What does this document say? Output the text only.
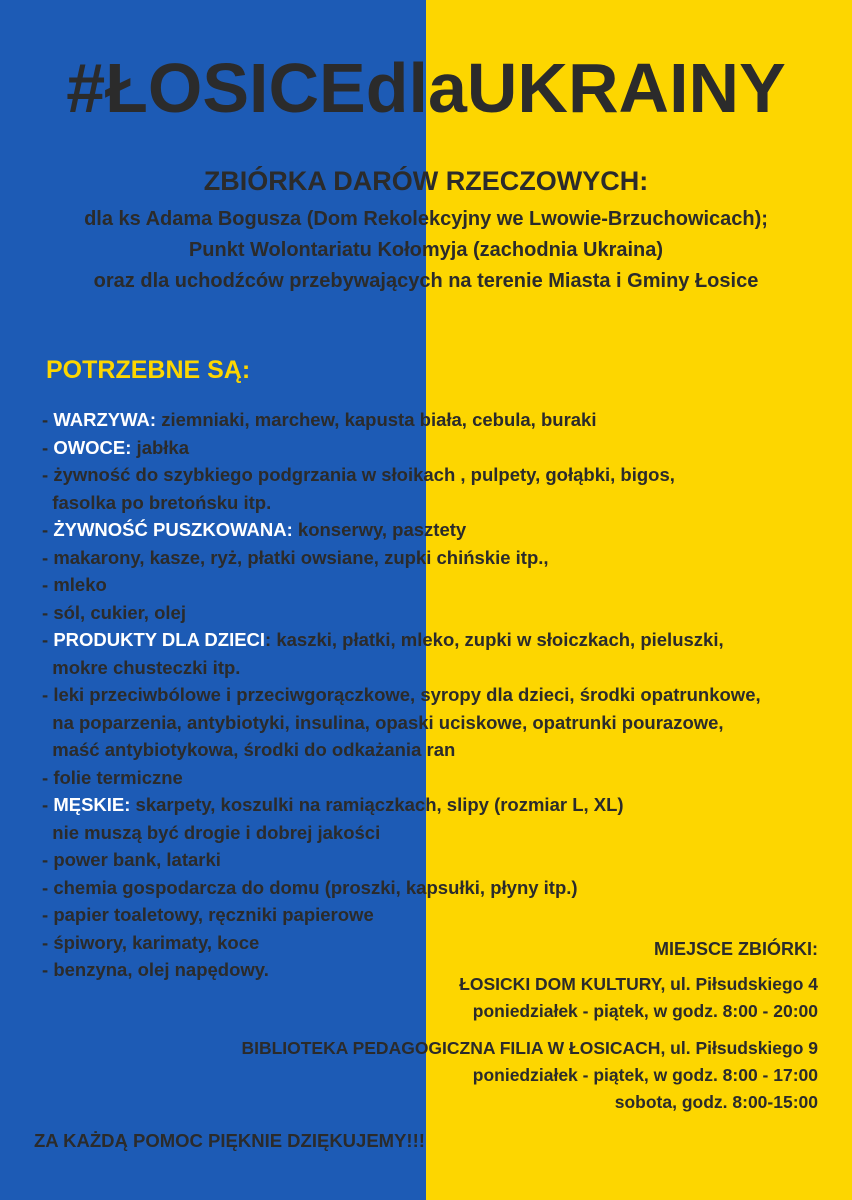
#ŁOSICEdlaUKRAINY
ZBIÓRKA DARÓW RZECZOWYCH:
dla ks Adama Bogusza (Dom Rekolekcyjny we Lwowie-Brzuchowicach);
Punkt Wolontariatu Kołomyja (zachodnia Ukraina)
oraz dla uchodźców przebywających na terenie Miasta i Gminy Łosice
POTRZEBNE SĄ:
- WARZYWA: ziemniaki, marchew, kapusta biała, cebula, buraki
- OWOCE: jabłka
- żywność do szybkiego podgrzania w słoikach , pulpety, gołąbki, bigos,
fasolka po bretońsku itp.
- ŻYWNOŚĆ PUSZKOWANA: konserwy, pasztety
- makarony, kasze, ryż, płatki owsiane, zupki chińskie itp.,
- mleko
- sól, cukier, olej
- PRODUKTY DLA DZIECI: kaszki, płatki, mleko, zupki w słoiczkach, pieluszki,
mokre chusteczki itp.
- leki przeciwbólowe i przeciwgorączkowe, syropy dla dzieci, środki opatrunkowe,
na poparzenia, antybiotyki, insulina, opaski uciskowe, opatrunki pourazowe,
maść antybiotykowa, środki do odkażania ran
- folie termiczne
- MĘSKIE: skarpety, koszulki na ramiączkach, slipy (rozmiar L, XL)
nie muszą być drogie i dobrej jakości
- power bank, latarki
- chemia gospodarcza do domu (proszki, kapsułki, płyny itp.)
- papier toaletowy, ręczniki papierowe
- śpiwory, karimaty, koce
- benzyna, olej napędowy.
MIEJSCE ZBIÓRKI:
ŁOSICKI DOM KULTURY, ul. Piłsudskiego 4
poniedziałek - piątek, w godz. 8:00 - 20:00
BIBLIOTEKA PEDAGOGICZNA FILIA W ŁOSICACH, ul. Piłsudskiego 9
poniedziałek - piątek, w godz. 8:00 - 17:00
sobota, godz. 8:00-15:00
ZA KAŻDĄ POMOC PIĘKNIE DZIĘKUJEMY!!!
